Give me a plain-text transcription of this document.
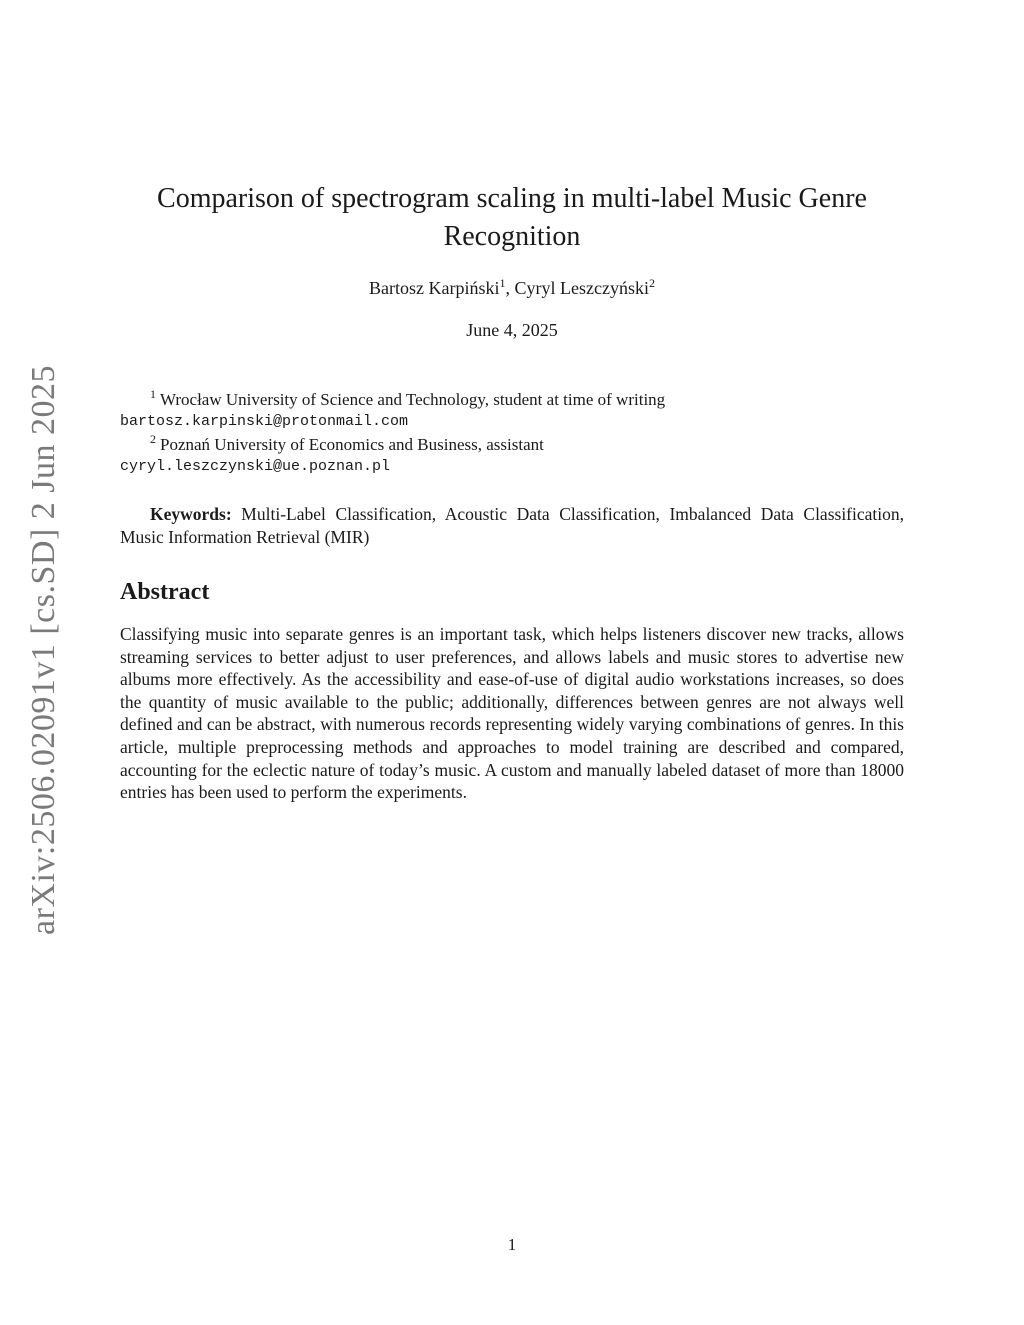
arXiv:2506.02091v1 [cs.SD] 2 Jun 2025
Comparison of spectrogram scaling in multi-label Music Genre Recognition
Bartosz Karpiński$^1$, Cyryl Leszczyński$^2$
June 4, 2025
$^1$ Wrocław University of Science and Technology, student at time of writing
bartosz.karpinski@protonmail.com
$^2$ Poznań University of Economics and Business, assistant
cyryl.leszczynski@ue.poznan.pl

Keywords: Multi-Label Classification, Acoustic Data Classification, Imbalanced Data Classification, Music Information Retrieval (MIR)

Abstract

Classifying music into separate genres is an important task, which helps listeners discover new tracks, allows streaming services to better adjust to user preferences, and allows labels and music stores to advertise new albums more effectively. As the accessibility and ease-of-use of digital audio workstations increases, so does the quantity of music available to the public; additionally, differences between genres are not always well defined and can be abstract, with numerous records representing widely varying combinations of genres. In this article, multiple preprocessing methods and approaches to model training are described and compared, accounting for the eclectic nature of today’s music. A custom and manually labeled dataset of more than 18000 entries has been used to perform the experiments.

1
